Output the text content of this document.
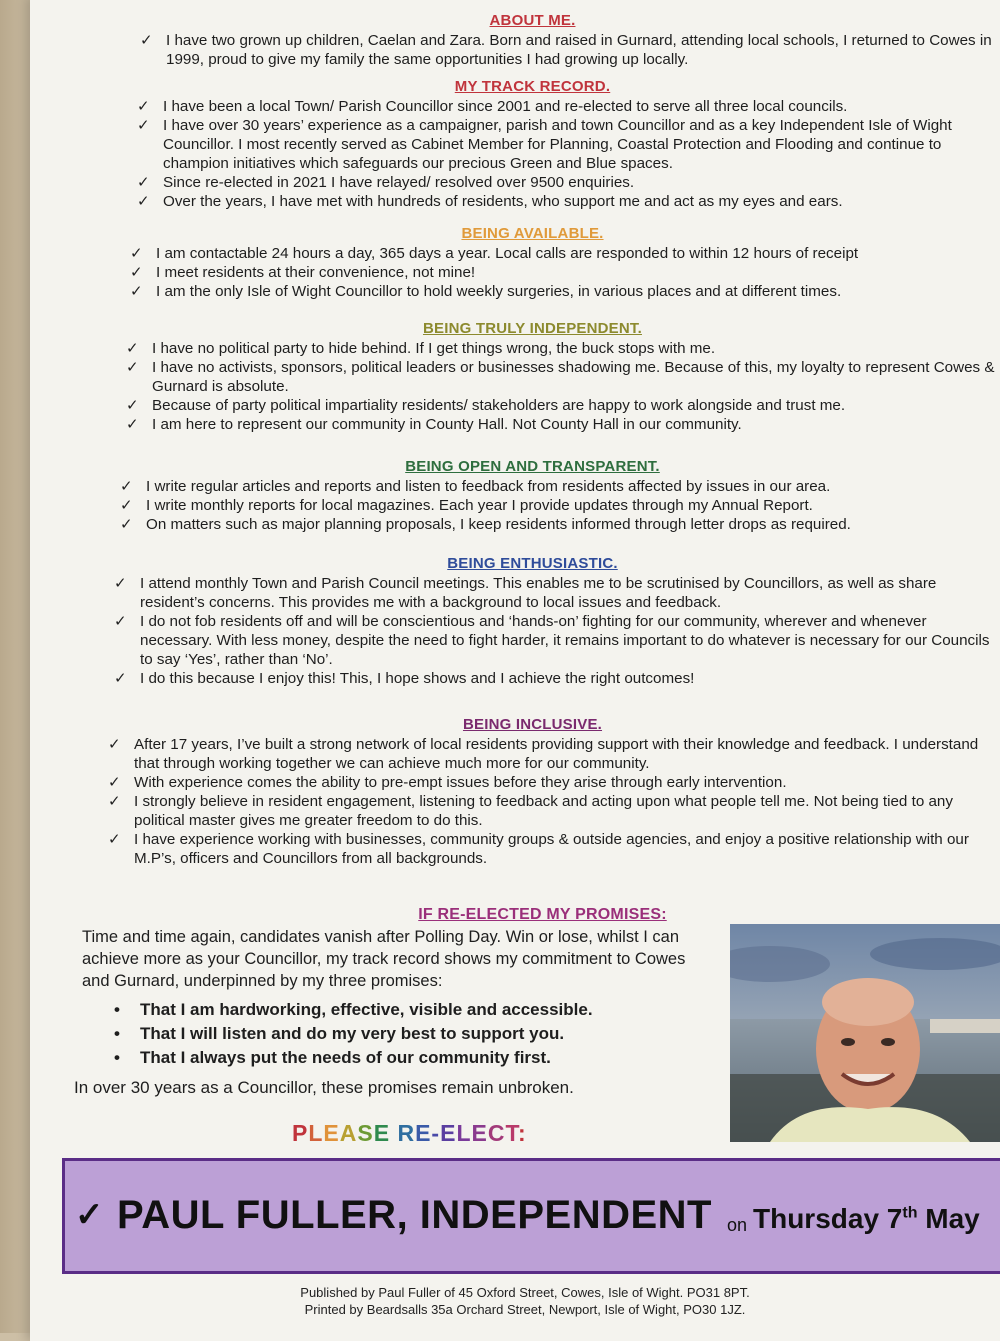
ABOUT ME.
✓ I have two grown up children, Caelan and Zara. Born and raised in Gurnard, attending local schools, I returned to Cowes in 1999, proud to give my family the same opportunities I had growing up locally.
MY TRACK RECORD.
✓ I have been a local Town/ Parish Councillor since 2001 and re-elected to serve all three local councils.
✓ I have over 30 years’ experience as a campaigner, parish and town Councillor and as a key Independent Isle of Wight Councillor. I most recently served as Cabinet Member for Planning, Coastal Protection and Flooding and continue to champion initiatives which safeguards our precious Green and Blue spaces.
✓ Since re-elected in 2021 I have relayed/ resolved over 9500 enquiries.
✓ Over the years, I have met with hundreds of residents, who support me and act as my eyes and ears.
BEING AVAILABLE.
✓ I am contactable 24 hours a day, 365 days a year. Local calls are responded to within 12 hours of receipt
✓ I meet residents at their convenience, not mine!
✓ I am the only Isle of Wight Councillor to hold weekly surgeries, in various places and at different times.
BEING TRULY INDEPENDENT.
✓ I have no political party to hide behind. If I get things wrong, the buck stops with me.
✓ I have no activists, sponsors, political leaders or businesses shadowing me. Because of this, my loyalty to represent Cowes & Gurnard is absolute.
✓ Because of party political impartiality residents/ stakeholders are happy to work alongside and trust me.
✓ I am here to represent our community in County Hall. Not County Hall in our community.
BEING OPEN AND TRANSPARENT.
✓ I write regular articles and reports and listen to feedback from residents affected by issues in our area.
✓ I write monthly reports for local magazines. Each year I provide updates through my Annual Report.
✓ On matters such as major planning proposals, I keep residents informed through letter drops as required.
BEING ENTHUSIASTIC.
✓ I attend monthly Town and Parish Council meetings. This enables me to be scrutinised by Councillors, as well as share resident’s concerns. This provides me with a background to local issues and feedback.
✓ I do not fob residents off and will be conscientious and ‘hands-on’ fighting for our community, wherever and whenever necessary. With less money, despite the need to fight harder, it remains important to do whatever is necessary for our Councils to say ‘Yes’, rather than ‘No’.
✓ I do this because I enjoy this! This, I hope shows and I achieve the right outcomes!
BEING INCLUSIVE.
✓ After 17 years, I’ve built a strong network of local residents providing support with their knowledge and feedback. I understand that through working together we can achieve much more for our community.
✓ With experience comes the ability to pre-empt issues before they arise through early intervention.
✓ I strongly believe in resident engagement, listening to feedback and acting upon what people tell me. Not being tied to any political master gives me greater freedom to do this.
✓ I have experience working with businesses, community groups & outside agencies, and enjoy a positive relationship with our M.P’s, officers and Councillors from all backgrounds.
IF RE-ELECTED MY PROMISES:
Time and time again, candidates vanish after Polling Day. Win or lose, whilst I can achieve more as your Councillor, my track record shows my commitment to Cowes and Gurnard, underpinned by my three promises:
• That I am hardworking, effective, visible and accessible.
• That I will listen and do my very best to support you.
• That I always put the needs of our community first.
In over 30 years as a Councillor, these promises remain unbroken.
PLEASE RE-ELECT:
✓ PAUL FULLER, INDEPENDENT on Thursday 7th May
Published by Paul Fuller of 45 Oxford Street, Cowes, Isle of Wight. PO31 8PT.
Printed by Beardsalls 35a Orchard Street, Newport, Isle of Wight, PO30 1JZ.
